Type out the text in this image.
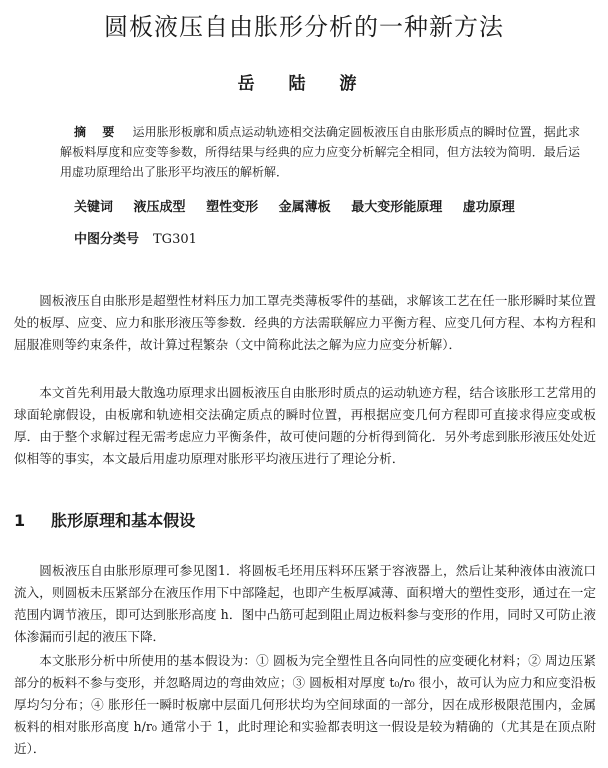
圆板液压自由胀形分析的一种新方法
岳 陆 游
摘 要 运用胀形板廓和质点运动轨迹相交法确定圆板液压自由胀形质点的瞬时位置，据此求解板料厚度和应变等参数，所得结果与经典的应力应变分析解完全相同，但方法较为简明．最后运用虚功原理给出了胀形平均液压的解析解．
关键词 液压成型 塑性变形 金属薄板 最大变形能原理 虚功原理
中图分类号 TG301

圆板液压自由胀形是超塑性材料压力加工罩壳类薄板零件的基础，求解该工艺在任一胀形瞬时某位置处的板厚、应变、应力和胀形液压等参数．经典的方法需联解应力平衡方程、应变几何方程、本构方程和屈服准则等约束条件，故计算过程繁杂（文中简称此法之解为应力应变分析解）．

本文首先利用最大散逸功原理求出圆板液压自由胀形时质点的运动轨迹方程，结合该胀形工艺常用的球面轮廓假设，由板廓和轨迹相交法确定质点的瞬时位置，再根据应变几何方程即可直接求得应变或板厚．由于整个求解过程无需考虑应力平衡条件，故可使问题的分析得到简化．另外考虑到胀形液压处处近似相等的事实，本文最后用虚功原理对胀形平均液压进行了理论分析．

1 胀形原理和基本假设

圆板液压自由胀形原理可参见图1．将圆板毛坯用压料环压紧于容液器上，然后让某种液体由液流口流入，则圆板未压紧部分在液压作用下中部隆起，也即产生板厚减薄、面积增大的塑性变形，通过在一定范围内调节液压，即可达到胀形高度 h．图中凸筋可起到阻止周边板料参与变形的作用，同时又可防止液体渗漏而引起的液压下降．

本文胀形分析中所使用的基本假设为：① 圆板为完全塑性且各向同性的应变硬化材料；② 周边压紧部分的板料不参与变形，并忽略周边的弯曲效应；③ 圆板相对厚度 t₀/r₀ 很小，故可认为应力和应变沿板厚均匀分布；④ 胀形任一瞬时板廓中层面几何形状均为空间球面的一部分，因在成形极限范围内，金属板料的相对胀形高度 h/r₀ 通常小于 1，此时理论和实验都表明这一假设是较为精确的（尤其是在顶点附近）．
